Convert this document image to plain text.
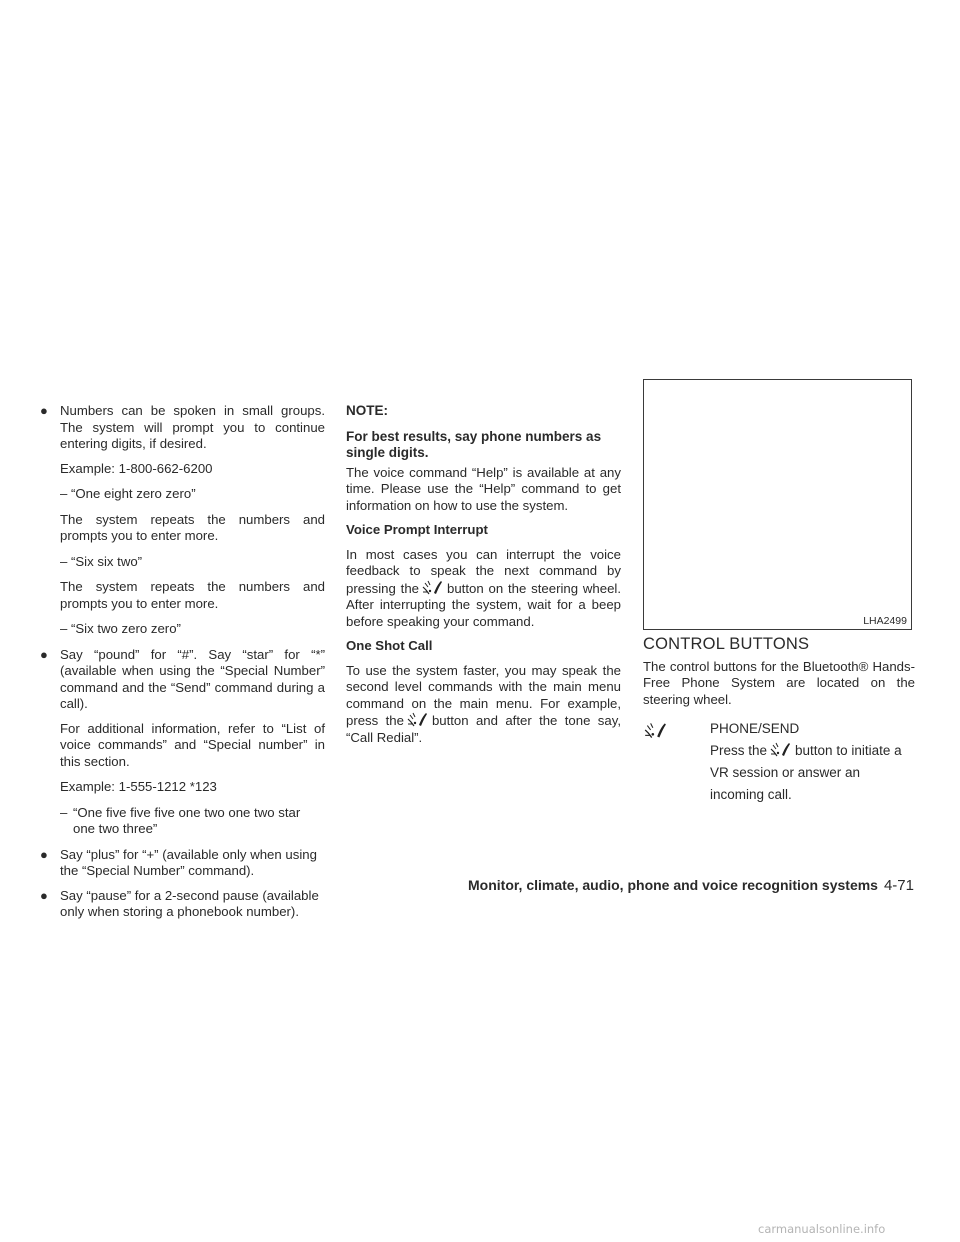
● Numbers can be spoken in small groups. The system will prompt you to continue entering digits, if desired.

Example: 1-800-662-6200

– “One eight zero zero”

The system repeats the numbers and prompts you to enter more.

– “Six six two”

The system repeats the numbers and prompts you to enter more.

– “Six two zero zero”

● Say “pound” for “#”. Say “star” for “*” (available when using the “Special Number” command and the “Send” command during a call).

For additional information, refer to “List of voice commands” and “Special number” in this section.

Example: 1-555-1212 *123

– “One five five five one two one two star one two three”
● Say “plus” for “+” (available only when using the “Special Number” command).
● Say “pause” for a 2-second pause (available only when storing a phonebook number).

NOTE:

For best results, say phone numbers as single digits.

The voice command “Help” is available at any time. Please use the “Help” command to get information on how to use the system.

Voice Prompt Interrupt

In most cases you can interrupt the voice feedback to speak the next command by pressing the button on the steering wheel. After interrupting the system, wait for a beep before speaking your command.

One Shot Call

To use the system faster, you may speak the second level commands with the main menu command on the main menu. For example, press the button and after the tone say, “Call Redial”.

LHA2499
CONTROL BUTTONS

The control buttons for the Bluetooth® Hands-Free Phone System are located on the steering wheel.

PHONE/SEND
Press the button to initiate a VR session or answer an incoming call.
Monitor, climate, audio, phone and voice recognition systems 4-71
carmanualsonline.info
